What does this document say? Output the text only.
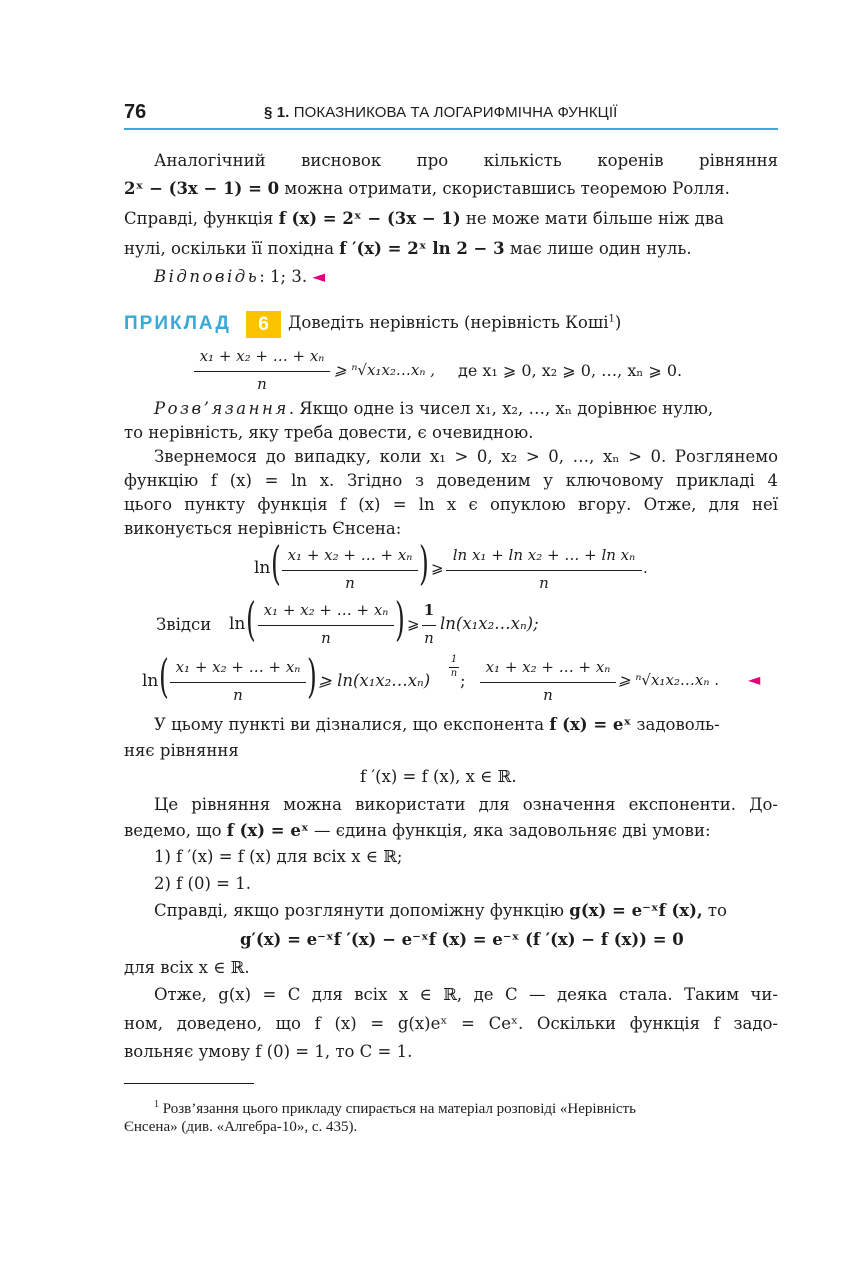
76	§ 1. ПОКАЗНИКОВА ТА ЛОГАРИФМІЧНА ФУНКЦІЇ
Аналогічний висновок про кількість коренів рівняння
2ˣ − (3x − 1) = 0 можна отримати, скориставшись теоремою Ролля.
Справді, функція f (x) = 2ˣ − (3x − 1) не може мати більше ніж два
нулі, оскільки її похідна f ′(x) = 2ˣ ln 2 − 3 має лише один нуль.
Відповідь: 1; 3. ◄
ПРИКЛАД	6	Доведіть нерівність (нерівність Коші$^1$)
x₁ + x₂ + … + xₙ
n
⩾ ⁿ√x₁x₂…xₙ , де x₁ ⩾ 0, x₂ ⩾ 0, …, xₙ ⩾ 0.
Розв’язання. Якщо одне із чисел x₁, x₂, …, xₙ дорівнює нулю,
то нерівність, яку треба довести, є очевидною.
Звернемося до випадку, коли x₁ > 0, x₂ > 0, …, xₙ > 0. Розглянемо
функцію f (x) = ln x. Згідно з доведеним у ключовому прикладі 4
цього пункту функція f (x) = ln x є опуклою вгору. Отже, для неї
виконується нерівність Єнсена:
ln ( x₁ + x₂ + … + xₙ
n	) ⩾
ln x₁ + ln x₂ + … + ln xₙ
n
.
Звідси ln ( x₁ + x₂ + … + xₙ
n	) ⩾
1
n
ln(x₁x₂…xₙ);
ln ( x₁ + x₂ + … + xₙ
n	) ⩾ ln(x₁x₂…xₙ)
1
n ;
x₁ + x₂ + … + xₙ
n
⩾ ⁿ√x₁x₂…xₙ . ◄
У цьому пункті ви дізналися, що експонента f (x) = eˣ задоволь-
няє рівняння
f ′(x) = f (x), x ∈ ℝ.
Це рівняння можна використати для означення експоненти. До-
ведемо, що f (x) = eˣ — єдина функція, яка задовольняє дві умови:
1) f ′(x) = f (x) для всіх x ∈ ℝ;
2) f (0) = 1.
Справді, якщо розглянути допоміжну функцію g(x) = e⁻ˣf (x), то
g′(x) = e⁻ˣf ′(x) − e⁻ˣf (x) = e⁻ˣ (f ′(x) − f (x)) = 0
для всіх x ∈ ℝ.
Отже, g(x) = C для всіх x ∈ ℝ, де C — деяка стала. Таким чи-
ном, доведено, що f (x) = g(x)eˣ = Ceˣ. Оскільки функція f задо-
вольняє умову f (0) = 1, то C = 1.
$^1$ Розв’язання цього прикладу спирається на матеріал розповіді «Нерівність
Єнсена» (див. «Алгебра-10», с. 435).
